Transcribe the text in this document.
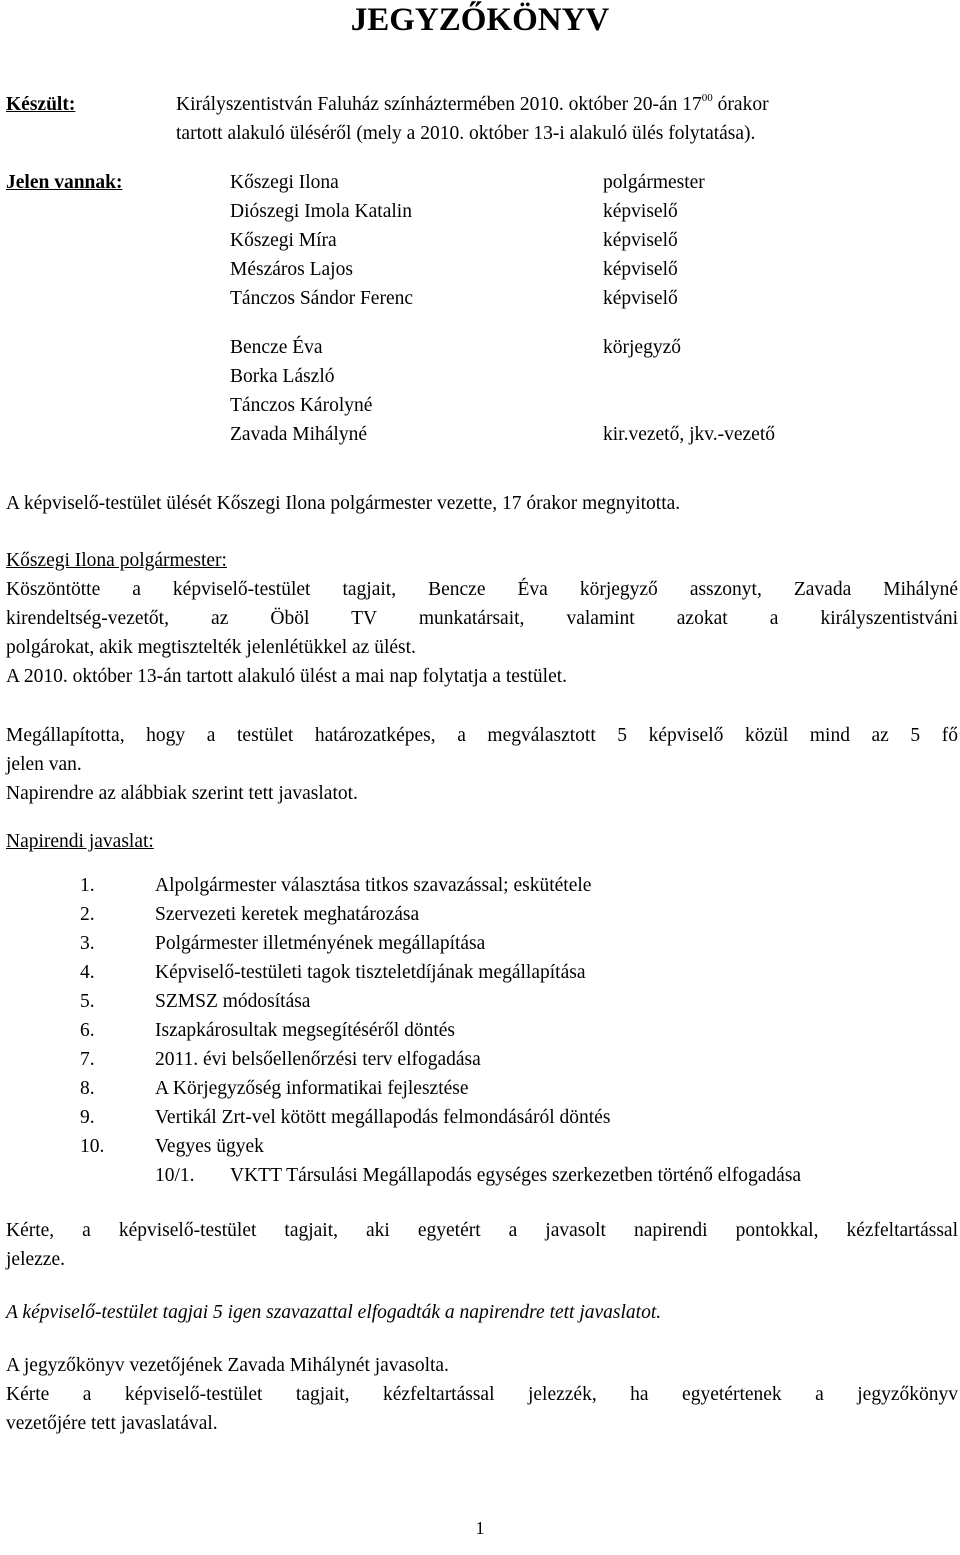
JEGYZŐKÖNYV
Készült:	Királyszentistván Faluház színháztermében 2010. október 20-án $17^{00}$ órakor
tartott alakuló üléséről (mely a 2010. október 13-i alakuló ülés folytatása).
Jelen vannak:	Kőszegi Ilona	polgármester
Diószegi Imola Katalin	képviselő
Kőszegi Míra	képviselő
Mészáros Lajos	képviselő
Tánczos Sándor Ferenc	képviselő
Bencze Éva	körjegyző
Borka László
Tánczos Károlyné
Zavada Mihályné	kir.vezető, jkv.-vezető
A képviselő-testület ülését Kőszegi Ilona polgármester vezette, 17 órakor megnyitotta.
Kőszegi Ilona polgármester:
Köszöntötte a képviselő-testület tagjait, Bencze Éva körjegyző asszonyt, Zavada Mihályné
kirendeltség-vezetőt, az Öböl TV munkatársait, valamint azokat a királyszentistváni
polgárokat, akik megtisztelték jelenlétükkel az ülést.
A 2010. október 13-án tartott alakuló ülést a mai nap folytatja a testület.
Megállapította, hogy a testület határozatképes, a megválasztott 5 képviselő közül mind az 5 fő
jelen van.
Napirendre az alábbiak szerint tett javaslatot.
Napirendi javaslat:
1.	Alpolgármester választása titkos szavazással; eskütétele
2.	Szervezeti keretek meghatározása
3.	Polgármester illetményének megállapítása
4.	Képviselő-testületi tagok tiszteletdíjának megállapítása
5.	SZMSZ módosítása
6.	Iszapkárosultak megsegítéséről döntés
7.	2011. évi belsőellenőrzési terv elfogadása
8.	A Körjegyzőség informatikai fejlesztése
9.	Vertikál Zrt-vel kötött megállapodás felmondásáról döntés
10.	Vegyes ügyek
10/1. VKTT Társulási Megállapodás egységes szerkezetben történő elfogadása
Kérte, a képviselő-testület tagjait, aki egyetért a javasolt napirendi pontokkal, kézfeltartással
jelezze.
A képviselő-testület tagjai 5 igen szavazattal elfogadták a napirendre tett javaslatot.
A jegyzőkönyv vezetőjének Zavada Mihálynét javasolta.
Kérte a képviselő-testület tagjait, kézfeltartással jelezzék, ha egyetértenek a jegyzőkönyv
vezetőjére tett javaslatával.
1
